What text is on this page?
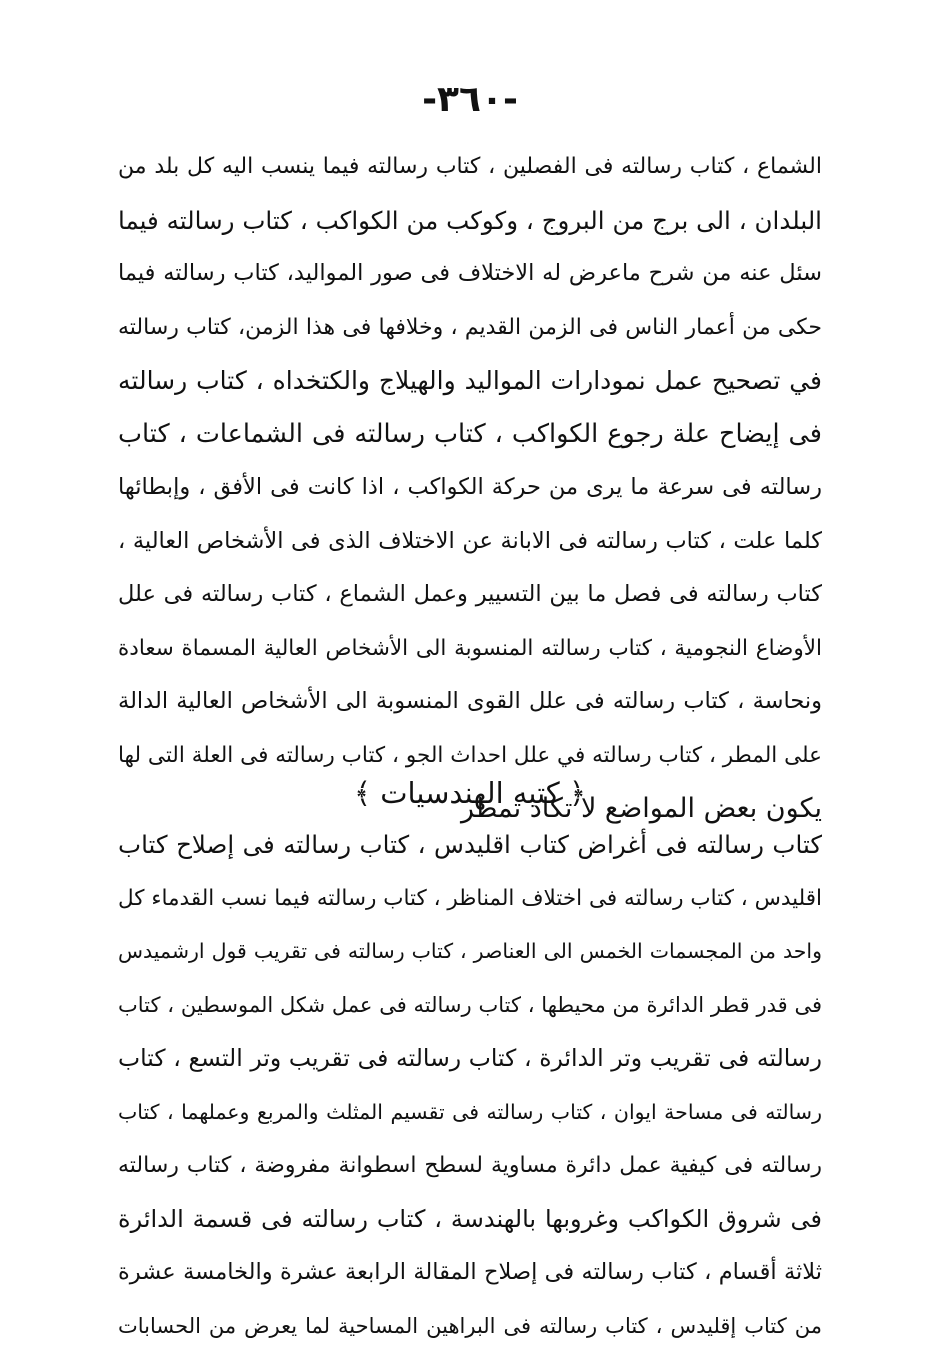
-٣٦٠-
الشماع ، كتاب رسالته فى الفصلين ، كتاب رسالته فيما ينسب اليه كل بلد من
البلدان ، الى برج من البروج ، وكوكب من الكواكب ، كتاب رسالته فيما
سئل عنه من شرح ماعرض له الاختلاف فى صور المواليد، كتاب رسالته فيما
حكى من أعمار الناس فى الزمن القديم ، وخلافها فى هذا الزمن، كتاب رسالته
في تصحيح عمل نمودارات المواليد والهيلاج والكتخداه ، كتاب رسالته
فى إيضاح علة رجوع الكواكب ، كتاب رسالته فى الشماعات ، كتاب
رسالته فى سرعة ما يرى من حركة الكواكب ، اذا كانت فى الأفق ، وإبطائها
كلما علت ، كتاب رسالته فى الابانة عن الاختلاف الذى فى الأشخاص العالية ،
كتاب رسالته فى فصل ما بين التسيير وعمل الشماع ، كتاب رسالته فى علل
الأوضاع النجومية ، كتاب رسالته المنسوبة الى الأشخاص العالية المسماة سعادة
ونحاسة ، كتاب رسالته فى علل القوى المنسوبة الى الأشخاص العالية الدالة
على المطر ، كتاب رسالته في علل احداث الجو ، كتاب رسالته فى العلة التى لها
يكون بعض المواضع لا تكاد تمطر
﴿ كتبه الهندسيات ﴾
كتاب رسالته فى أغراض كتاب اقليدس ، كتاب رسالته فى إصلاح كتاب
اقليدس ، كتاب رسالته فى اختلاف المناظر ، كتاب رسالته فيما نسب القدماء كل
واحد من المجسمات الخمس الى العناصر ، كتاب رسالته فى تقريب قول ارشميدس
فى قدر قطر الدائرة من محيطها ، كتاب رسالته فى عمل شكل الموسطين ، كتاب
رسالته فى تقريب وتر الدائرة ، كتاب رسالته فى تقريب وتر التسع ، كتاب
رسالته فى مساحة ايوان ، كتاب رسالته فى تقسيم المثلث والمربع وعملهما ، كتاب
رسالته فى كيفية عمل دائرة مساوية لسطح اسطوانة مفروضة ، كتاب رسالته
فى شروق الكواكب وغروبها بالهندسة ، كتاب رسالته فى قسمة الدائرة
ثلاثة أقسام ، كتاب رسالته فى إصلاح المقالة الرابعة عشرة والخامسة عشرة
من كتاب إقليدس ، كتاب رسالته فى البراهين المساحية لما يعرض من الحسابات
